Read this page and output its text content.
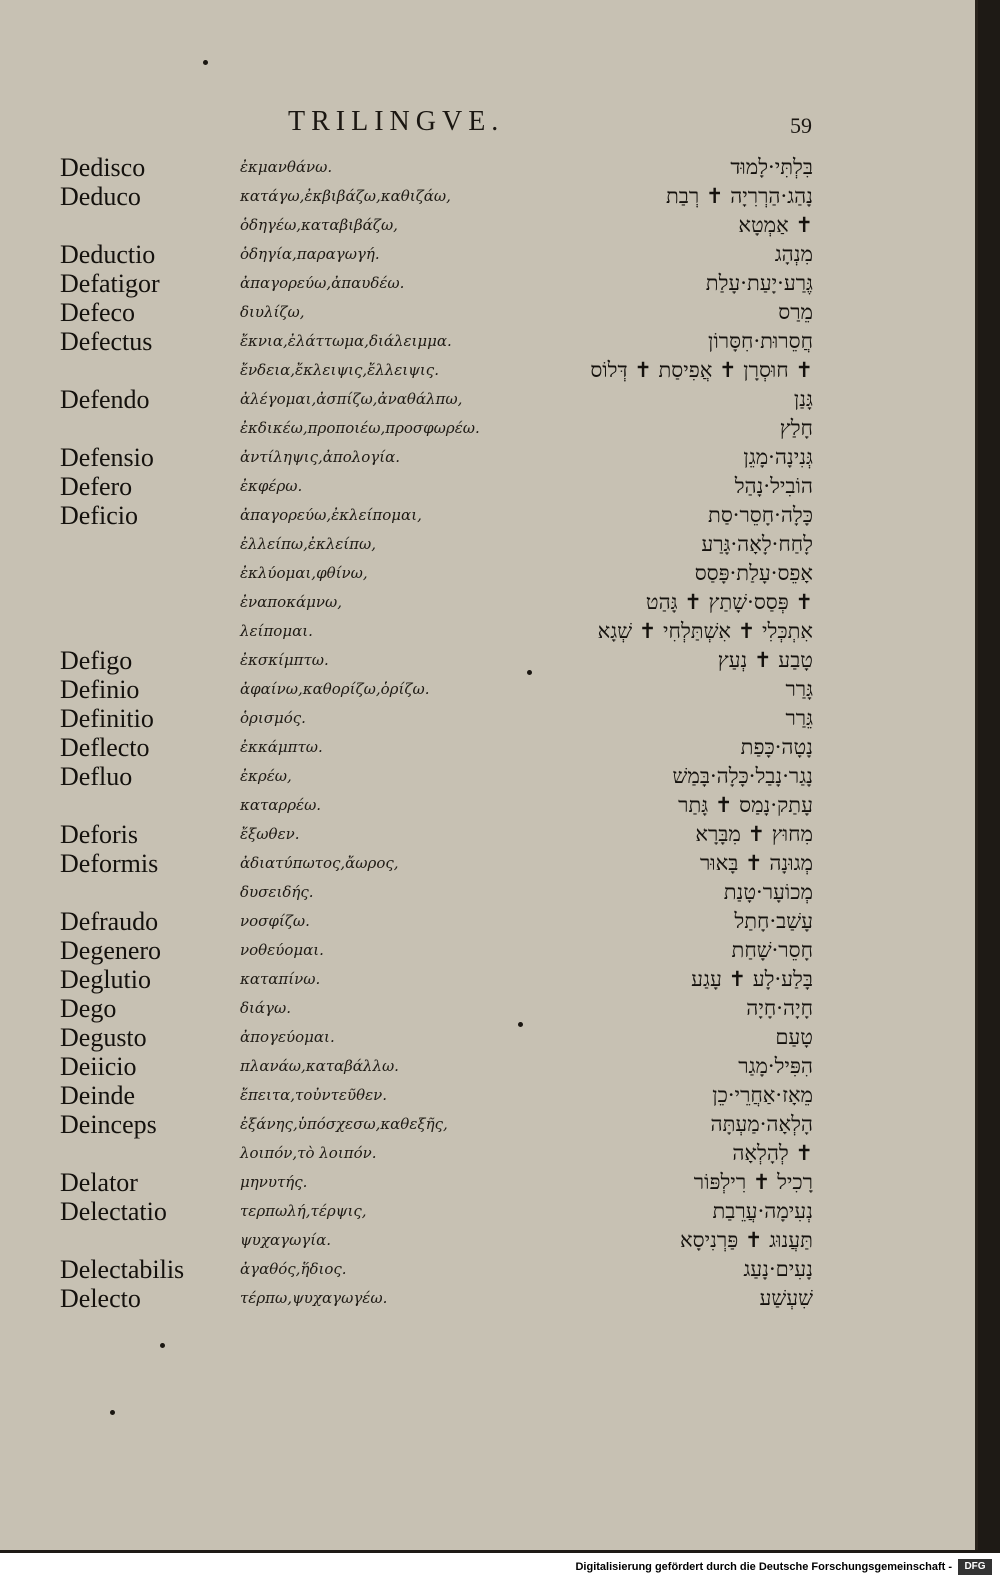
TRILINGVE.	59
Dedisco	ἐκμανθάνω.	בִּלְתִּי·לָמוּד
Deduco	κατάγω,ἐκβιβάζω,καθιζάω,	נָהַג·הַרְרִיָה ✝ רְבַת
ὁδηγέω,καταβιβάζω,	✝ אַמְטָא
Deductio	ὁδηγία,παραγωγή.	מִנְהָג
Defatigor	ἀπαγορεύω,ἀπαυδέω.	גֶּרַע·יָעַת·עָלַת
Defeco	διυλίζω,	מֵרַס
Defectus	ἔκνια,ἐλάττωμα,διάλειμμα.	חֲסֵרוּת·חִסָּרוֹן
ἔνδεια,ἔκλειψις,ἔλλειψις.	✝ חוּסְרָן ✝ אֲפִיסַת ✝ דְּלוֹס
Defendo	ἀλέγομαι,ἀσπίζω,ἀναθάλπω,	גָּנַן
ἐκδικέω,προποιέω,προσφωρέω.	חָלַץ
Defensio	ἀντίληψις,ἀπολογία.	גְּנִינָה·מָגֵן
Defero	ἐκφέρω.	הוֹבִיל·נָהַל
Deficio	ἀπαγορεύω,ἐκλείπομαι,	כָּלָה·חָסֵר·סַת
ἐλλείπω,ἐκλείπω,	לָחַח·לָאָה·גָּרַע
ἐκλύομαι,φθίνω,	אָפֵס·עָלַת·פָּסַס
ἐναποκάμνω,	✝ פְּסַס·שָׁתַץ ✝ גָּהַט
λείπομαι.	אִתְכְּלִי ✝ אִשְׁתַּלְחִי ✝ שְׁגָא
Defigo	ἐκσκίμπτω.	טָבַע ✝ נְעַץ
Definio	ἀφαίνω,καθορίζω,ὁρίζω.	גָּרַר
Definitio	ὁρισμός.	גֵּרַר
Deflecto	ἐκκάμπτω.	נָטָה·כָּפַת
Defluo	ἐκρέω,	נָגַר·נָבַל·כָּלָה·בָּמַשׁ
καταρρέω.	עָתַק·נָמַס ✝ גָּתַר
Deforis	ἔξωθεν.	מִחוּץ ✝ מִבָּרָא
Deformis	ἀδιατύπωτος,ἄωρος,	מְגוּנָה ✝ בָּאוּר
δυσειδής.	מְכוֹעָר·טָנַת
Defraudo	νοσφίζω.	עָשַׁב·חָתַל
Degenero	νοθεύομαι.	חָסֵר·שָׁחַת
Deglutio	καταπίνω.	בָּלַע·לָע ✝ עָגַע
Dego	διάγω.	חָיָה·חָיָה
Degusto	ἀπογεύομαι.	טָעַם
Deiicio	πλανάω,καταβάλλω.	הִפִּיל·מָגַר
Deinde	ἔπειτα,τοὐντεῦθεν.	מֵאָז·אַחֲרֵי·כֵן
Deinceps	ἐξάνης,ὑπόσχεσω,καθεξῆς,	הָלְאָה·מַעְתָּה
λοιπόν,τὸ λοιπόν.	✝ לְהָלְאָה
Delator	μηνυτής.	רָכִיל ✝ רִילְפּוֹר
Delectatio	τερπωλή,τέρψις,	נְעִימָה·עֲרֵבַת
ψυχαγωγία.	תַּעֲנוּג ✝ פַּרְנִיסָא
Delectabilis	ἀγαθός,ἥδιος.	נָעִים·נָעַג
Delecto	τέρπω,ψυχαγωγέω.	שִׁעְשַׁע
Digitalisierung gefördert durch die Deutsche Forschungsgemeinschaft -	DFG
